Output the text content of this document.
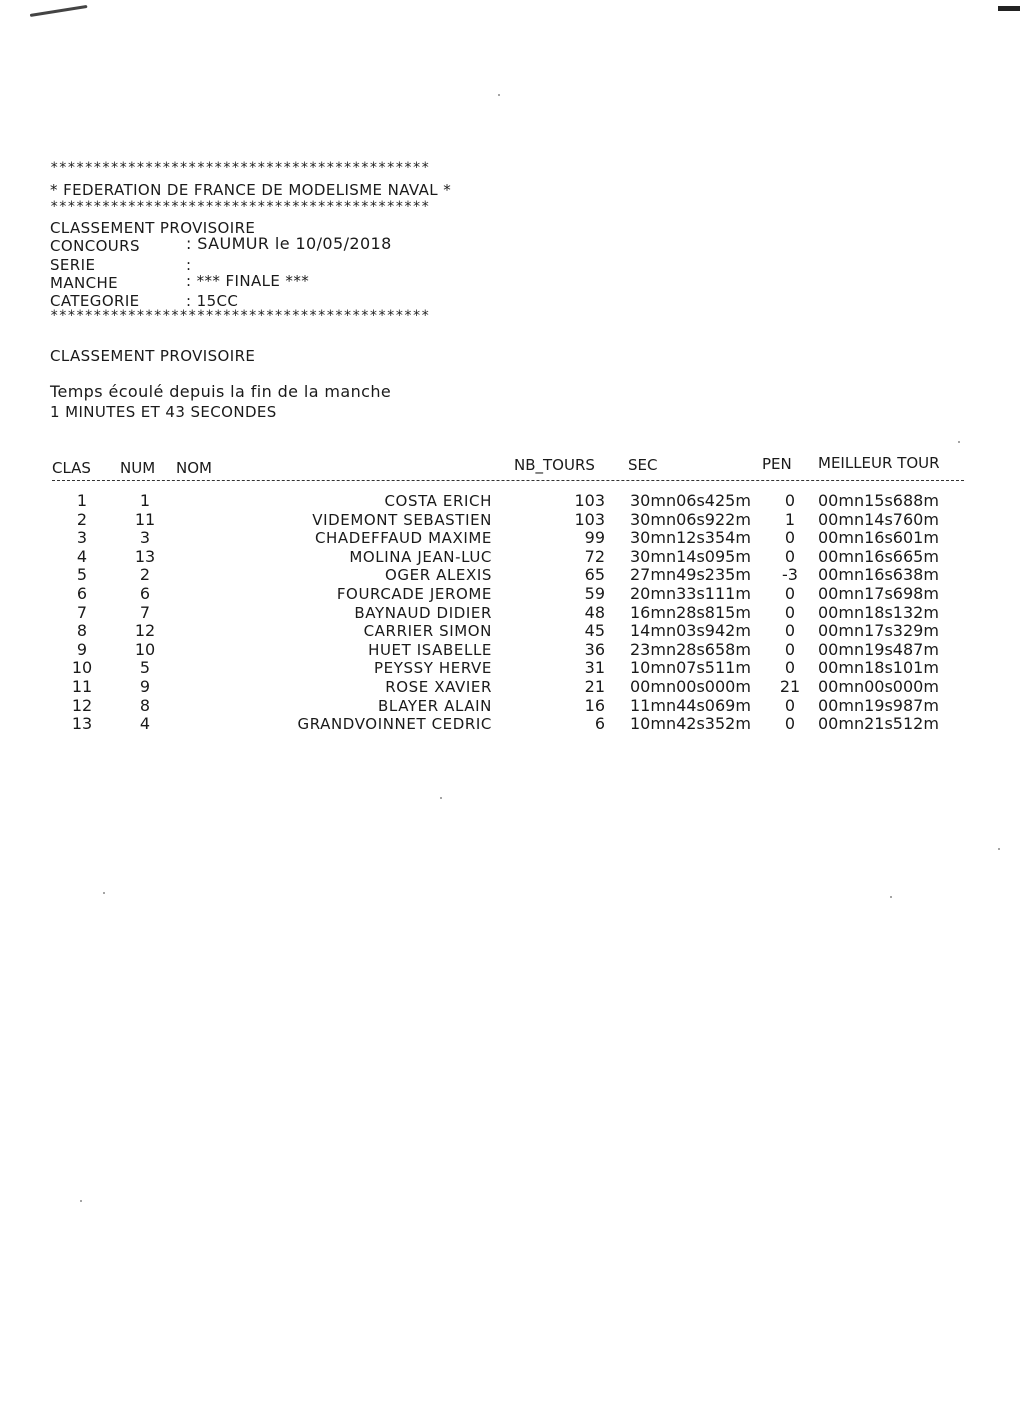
********************************************
* FEDERATION DE FRANCE DE MODELISME NAVAL *
********************************************
CLASSEMENT PROVISOIRE
CONCOURS	: SAUMUR le 10/05/2018
SERIE	:
MANCHE	: *** FINALE ***
CATEGORIE	: 15CC
********************************************
CLASSEMENT PROVISOIRE
Temps écoulé depuis la fin de la manche
1 MINUTES ET 43 SECONDES
CLAS NUM NOM	NB_TOURS SEC	PEN MEILLEUR TOUR
1	1	COSTA ERICH	103 30mn06s425m	0	00mn15s688m
2	11	VIDEMONT SEBASTIEN	103 30mn06s922m	1	00mn14s760m
3	3	CHADEFFAUD MAXIME	99 30mn12s354m	0	00mn16s601m
4	13	MOLINA JEAN-LUC	72 30mn14s095m	0	00mn16s665m
5	2	OGER ALEXIS	65 27mn49s235m	-3	00mn16s638m
6	6	FOURCADE JEROME	59 20mn33s111m	0	00mn17s698m
7	7	BAYNAUD DIDIER	48 16mn28s815m	0	00mn18s132m
8	12	CARRIER SIMON	45 14mn03s942m	0	00mn17s329m
9	10	HUET ISABELLE	36 23mn28s658m	0	00mn19s487m
10	5	PEYSSY HERVE	31 10mn07s511m	0	00mn18s101m
11	9	ROSE XAVIER	21 00mn00s000m	21	00mn00s000m
12	8	BLAYER ALAIN	16 11mn44s069m	0	00mn19s987m
13	4	GRANDVOINNET CEDRIC	6 10mn42s352m	0	00mn21s512m
